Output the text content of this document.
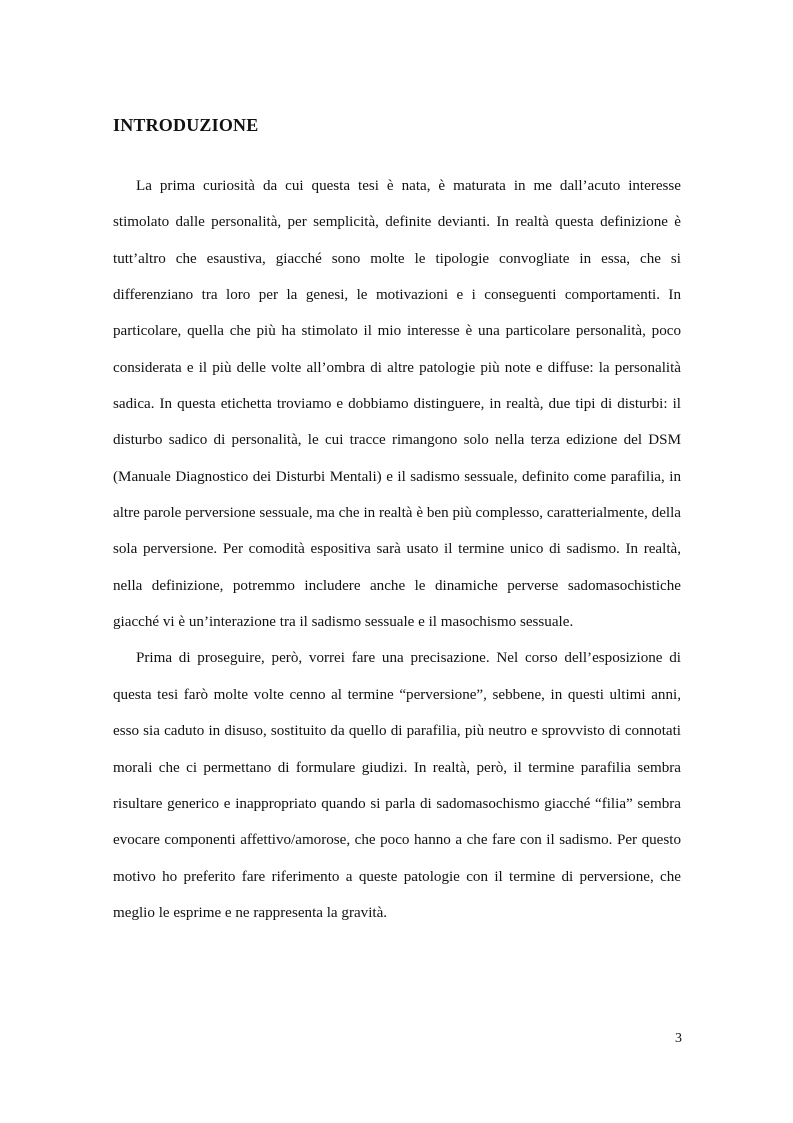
INTRODUZIONE

La prima curiosità da cui questa tesi è nata, è maturata in me dall’acuto interesse stimolato dalle personalità, per semplicità, definite devianti. In realtà questa definizione è tutt’altro che esaustiva, giacché sono molte le tipologie convogliate in essa, che si differenziano tra loro per la genesi, le motivazioni e i conseguenti comportamenti. In particolare, quella che più ha stimolato il mio interesse è una particolare personalità, poco considerata e il più delle volte all’ombra di altre patologie più note e diffuse: la personalità sadica. In questa etichetta troviamo e dobbiamo distinguere, in realtà, due tipi di disturbi: il disturbo sadico di personalità, le cui tracce rimangono solo nella terza edizione del DSM (Manuale Diagnostico dei Disturbi Mentali) e il sadismo sessuale, definito come parafilia, in altre parole perversione sessuale, ma che in realtà è ben più complesso, caratterialmente, della sola perversione. Per comodità espositiva sarà usato il termine unico di sadismo. In realtà, nella definizione, potremmo includere anche le dinamiche perverse sadomasochistiche giacché vi è un’interazione tra il sadismo sessuale e il masochismo sessuale.

Prima di proseguire, però, vorrei fare una precisazione. Nel corso dell’esposizione di questa tesi farò molte volte cenno al termine “perversione”, sebbene, in questi ultimi anni, esso sia caduto in disuso, sostituito da quello di parafilia, più neutro e sprovvisto di connotati morali che ci permettano di formulare giudizi. In realtà, però, il termine parafilia sembra risultare generico e inappropriato quando si parla di sadomasochismo giacché “filia” sembra evocare componenti affettivo/amorose, che poco hanno a che fare con il sadismo. Per questo motivo ho preferito fare riferimento a queste patologie con il termine di perversione, che meglio le esprime e ne rappresenta la gravità.

3
